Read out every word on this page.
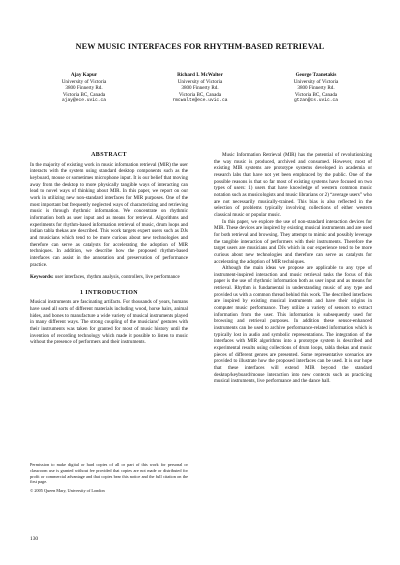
NEW MUSIC INTERFACES FOR RHYTHM-BASED RETRIEVAL
Ajay Kapur
University of Victoria
3800 Finnerty Rd.
Victoria BC, Canada
ajay@ece.uvic.ca
Richard I. McWalter
University of Victoria
3800 Finnerty Rd.
Victoria BC, Canada
rmcwalte@ece.uvic.ca
George Tzanetakis
University of Victoria
3800 Finnerty Rd.
Victoria BC, Canada
gtzan@cs.uvic.ca

ABSTRACT

In the majority of existing work in music information retrieval (MIR) the user interacts with the system using standard desktop components such as the keyboard, mouse or sometimes microphone input. It is our belief that moving away from the desktop to more physically tangible ways of interacting can lead to novel ways of thinking about MIR. In this paper, we report on our work in utilizing new non-standard interfaces for MIR purposes. One of the most important but frequently neglected ways of characterizing and retrieving music is through rhythmic information. We concentrate on rhythmic information both as user input and as means for retrieval. Algorithms and experiments for rhythm-based information retrieval of music, drum loops and indian tabla thekas are described. This work targets expert users such as DJs and musicians which tend to be more curious about new technologies and therefore can serve as catalysts for accelerating the adoption of MIR techniques. In addition, we describe how the proposed rhythm-based interfaces can assist in the annotation and preservation of performance practice.

Keywords: user interfaces, rhythm analysis, controllers, live performance

1 INTRODUCTION

Musical instruments are fascinating artifacts. For thousands of years, humans have used all sorts of different materials including wood, horse hairs, animal hides, and bones to manufacture a wide variety of musical instruments played in many different ways. The strong coupling of the musicians’ gestures with their instruments was taken for granted for most of music history until the invention of recording technology which made it possible to listen to music without the presence of performers and their instruments.

Permission to make digital or hard copies of all or part of this work for personal or classroom use is granted without fee provided that copies are not made or distributed for profit or commercial advantage and that copies bear this notice and the full citation on the first page.

© 2005 Queen Mary, University of London

Music Information Retrieval (MIR) has the potential of revolutionizing the way music is produced, archived and consumed. However, most of existing MIR systems are prototype systems developed in academia or research labs that have not yet been emphraced by the public. One of the possible reasons is that so far most of existing systems have focused on two types of users: 1) users that have knowledge of western common music notation such as musicologists and music librarians or 2) “average users” who are not necessarily musically-trained. This bias is also reflected in the selection of problems typically involving collections of either western classical music or popular music.

In this paper, we explore the use of non-standard interaction devices for MIR. These devices are inspired by existing musical instruments and are used for both retrieval and browsing. They attempt to mimic and possibly leverage the tangible interaction of performers with their instruments. Therefore the target users are musicians and DJs which in our experience tend to be more curious about new technologies and therefore can serve as catalysts for accelerating the adoption of MIR techniques.

Although the main ideas we propose are applicable to any type of instrument-inspired interaction and music retrieval tasks the focus of this paper is the use of rhythmic information both as user input and as means for retrieval. Rhythm is fundamental in understanding music of any type and provided us with a common thread behind this work. The described interfaces are inspired by existing musical instruments and have their origins in computer music performance. They utilize a variety of sensors to extract information from the user. This information is subsequently used for browsing and retrieval purposes. In addition these sensor-enhanced instruments can be used to archive performance-related information which is typically lost in audio and symbolic representations. The integration of the interfaces with MIR algorithms into a prototype system is described and experimental results using collections of drum loops, tabla thekas and music pieces of different genres are presented. Some representative scenarios are provided to illustrate how the proposed interfaces can be used. It is our hope that these interfaces will extend MIR beyond the standard desktop/keyboard/mouse interaction into new contexts such as practicing musical instruments, live performance and the dance hall.

130
